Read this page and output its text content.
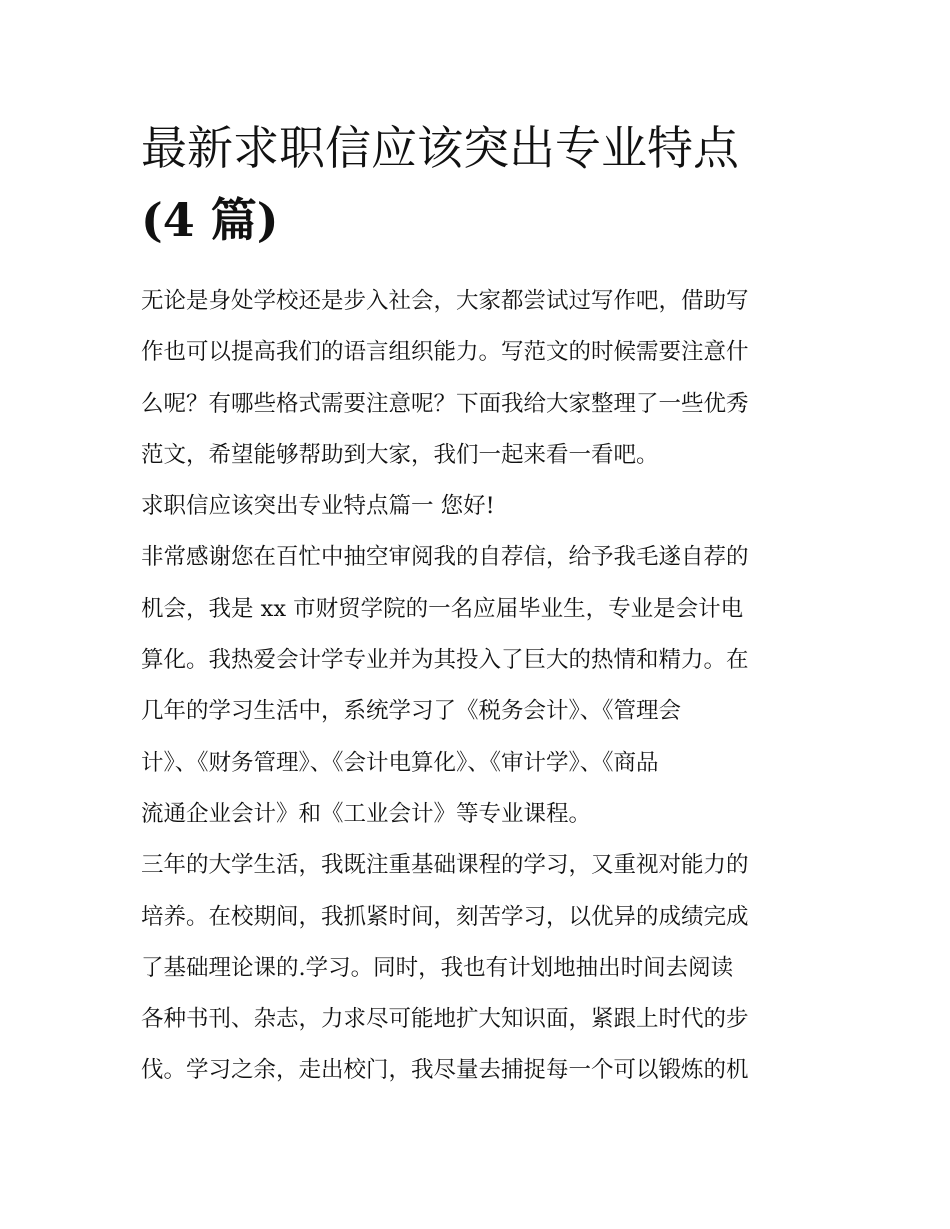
最新求职信应该突出专业特点
(4 篇)
无论是身处学校还是步入社会，大家都尝试过写作吧，借助写
作也可以提高我们的语言组织能力。写范文的时候需要注意什
么呢？有哪些格式需要注意呢？下面我给大家整理了一些优秀
范文，希望能够帮助到大家，我们一起来看一看吧。
求职信应该突出专业特点篇一 您好!
非常感谢您在百忙中抽空审阅我的自荐信，给予我毛遂自荐的
机会，我是 xx 市财贸学院的一名应届毕业生，专业是会计电
算化。我热爱会计学专业并为其投入了巨大的热情和精力。在
几年的学习生活中，系统学习了《税务会计》、《管理会
计》、《财务管理》、《会计电算化》、《审计学》、《商品
流通企业会计》和《工业会计》等专业课程。
三年的大学生活，我既注重基础课程的学习，又重视对能力的
培养。在校期间，我抓紧时间，刻苦学习，以优异的成绩完成
了基础理论课的.学习。同时，我也有计划地抽出时间去阅读
各种书刊、杂志，力求尽可能地扩大知识面，紧跟上时代的步
伐。学习之余，走出校门，我尽量去捕捉每一个可以锻炼的机
